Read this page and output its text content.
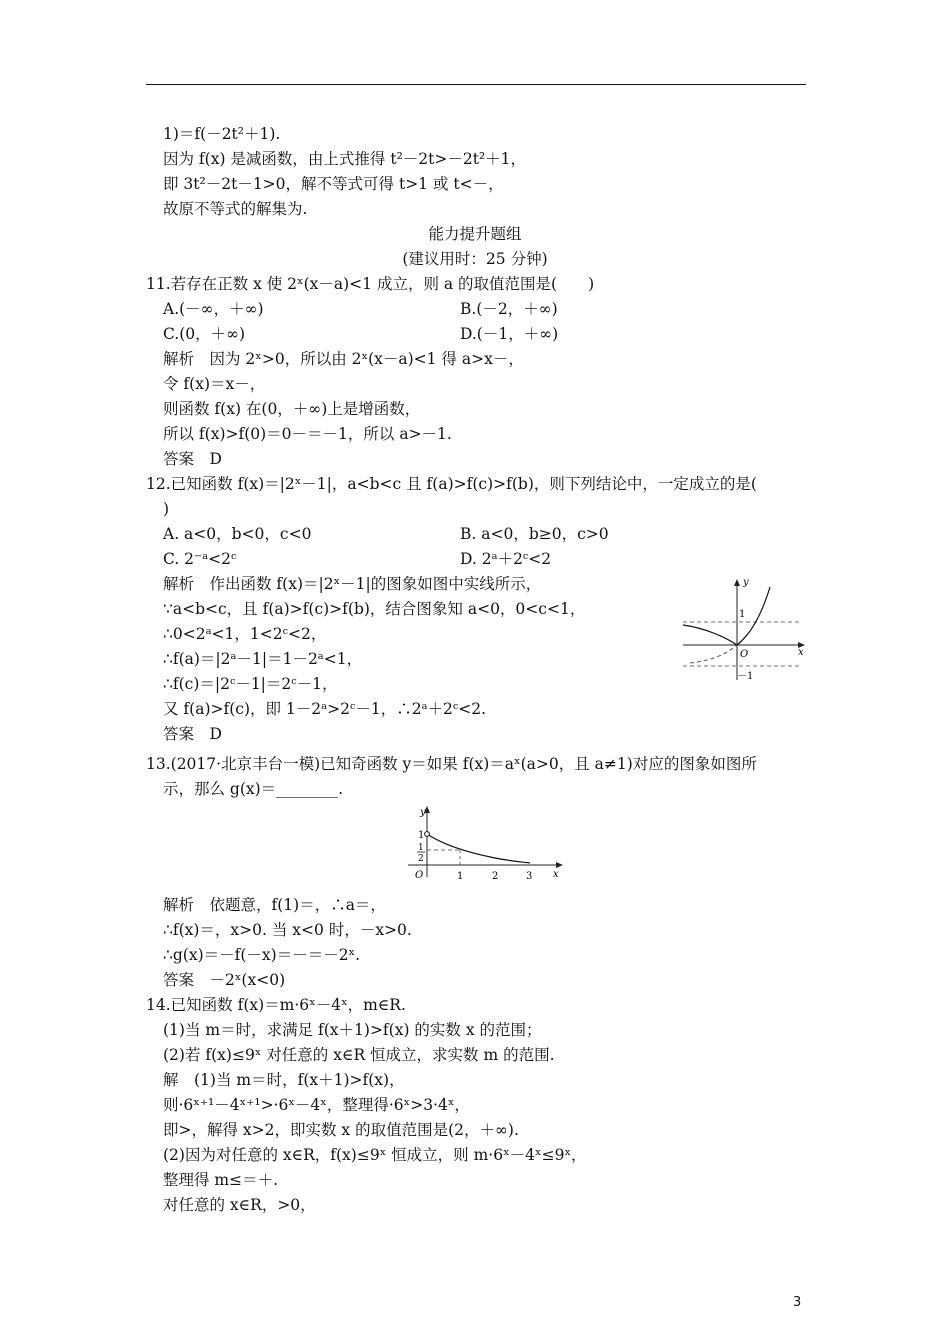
1)＝f(－2t²＋1).
因为 f(x) 是减函数，由上式推得 t²－2t>－2t²＋1，
即 3t²－2t－1>0，解不等式可得 t>1 或 t<－，
故原不等式的解集为.
能力提升题组
(建议用时：25 分钟)
11.若存在正数 x 使 2ˣ(x－a)<1 成立，则 a 的取值范围是(　　)
A.(－∞，＋∞)	B.(－2，＋∞)
C.(0，＋∞)	D.(－1，＋∞)
解析　因为 2ˣ>0，所以由 2ˣ(x－a)<1 得 a>x－，
令 f(x)＝x－，
则函数 f(x) 在(0，＋∞)上是增函数，
所以 f(x)>f(0)＝0－＝－1，所以 a>－1.
答案　D
12.已知函数 f(x)＝|2ˣ－1|，a<b<c 且 f(a)>f(c)>f(b)，则下列结论中，一定成立的是(
)
A. a<0，b<0，c<0	B. a<0，b≥0，c>0
C. 2⁻ᵃ<2ᶜ	D. 2ᵃ＋2ᶜ<2
解析　作出函数 f(x)＝|2ˣ－1|的图象如图中实线所示，
∵a<b<c，且 f(a)>f(c)>f(b)，结合图象知 a<0，0<c<1，
∴0<2ᵃ<1，1<2ᶜ<2，
∴f(a)＝|2ᵃ－1|＝1－2ᵃ<1，
∴f(c)＝|2ᶜ－1|＝2ᶜ－1，
又 f(a)>f(c)，即 1－2ᵃ>2ᶜ－1，∴2ᵃ＋2ᶜ<2.
答案　D
y
x
1
O
－1
13.(2017·北京丰台一模)已知奇函数 y＝如果 f(x)＝aˣ(a>0，且 a≠1)对应的图象如图所
示，那么 g(x)＝________.
y
1
1
2
O	1	2	3 x
解析　依题意，f(1)＝，∴a＝，
∴f(x)＝，x>0. 当 x<0 时，－x>0.
∴g(x)＝－f(－x)＝－＝－2ˣ.
答案　－2ˣ(x<0)
14.已知函数 f(x)＝m·6ˣ－4ˣ，m∈R.
(1)当 m＝时，求满足 f(x＋1)>f(x) 的实数 x 的范围；
(2)若 f(x)≤9ˣ 对任意的 x∈R 恒成立，求实数 m 的范围.
解　(1)当 m＝时，f(x＋1)>f(x)，
则·6ˣ⁺¹－4ˣ⁺¹>·6ˣ－4ˣ，整理得·6ˣ>3·4ˣ，
即>，解得 x>2，即实数 x 的取值范围是(2，＋∞).
(2)因为对任意的 x∈R，f(x)≤9ˣ 恒成立，则 m·6ˣ－4ˣ≤9ˣ，
整理得 m≤＝＋.
对任意的 x∈R，>0，
3
